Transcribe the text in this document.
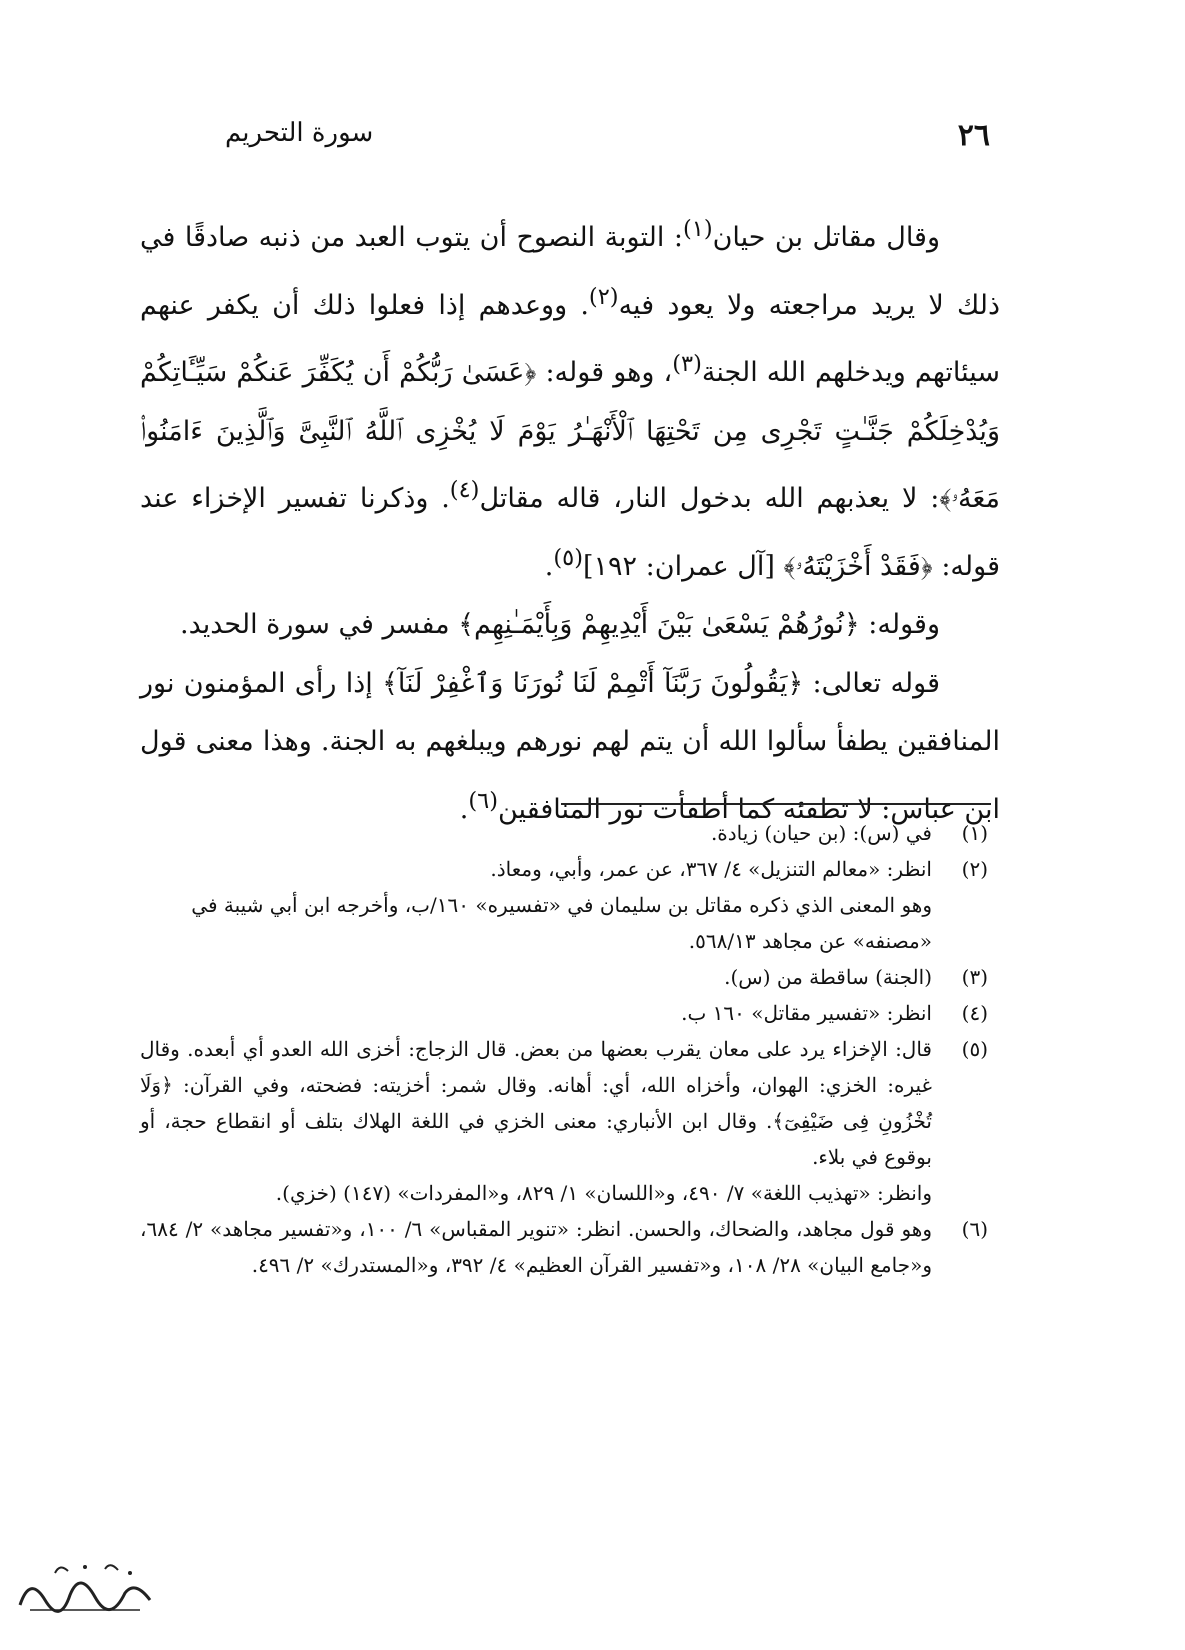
٢٦
سورة التحريم

وقال مقاتل بن حيان$^{(١)}$: التوبة النصوح أن يتوب العبد من ذنبه صادقًا في ذلك لا يريد مراجعته ولا يعود فيه$^{(٢)}$. ووعدهم إذا فعلوا ذلك أن يكفر عنهم سيئاتهم ويدخلهم الله الجنة$^{(٣)}$، وهو قوله: ﴿عَسَىٰ رَبُّكُمْ أَن يُكَفِّرَ عَنكُمْ سَيِّـَٔاتِكُمْ وَيُدْخِلَكُمْ جَنَّـٰتٍ تَجْرِى مِن تَحْتِهَا ٱلْأَنْهَـٰرُ يَوْمَ لَا يُخْزِى ٱللَّهُ ٱلنَّبِىَّ وَٱلَّذِينَ ءَامَنُوا۟ مَعَهُۥ﴾: لا يعذبهم الله بدخول النار، قاله مقاتل$^{(٤)}$. وذكرنا تفسير الإخزاء عند قوله: ﴿فَقَدْ أَخْزَيْتَهُۥ﴾ [آل عمران: ١٩٢]$^{(٥)}$.

وقوله: ﴿نُورُهُمْ يَسْعَىٰ بَيْنَ أَيْدِيهِمْ وَبِأَيْمَـٰنِهِم﴾ مفسر في سورة الحديد.

قوله تعالى: ﴿يَقُولُونَ رَبَّنَآ أَتْمِمْ لَنَا نُورَنَا وَٱغْفِرْ لَنَآ﴾ إذا رأى المؤمنون نور المنافقين يطفأ سألوا الله أن يتم لهم نورهم ويبلغهم به الجنة. وهذا معنى قول ابن عباس: لا تطفئه كما أطفأت نور المنافقين$^{(٦)}$.

(١)
في (س): (بن حيان) زيادة.
(٢)
انظر: «معالم التنزيل» ٤/ ٣٦٧، عن عمر، وأبي، ومعاذ.
وهو المعنى الذي ذكره مقاتل بن سليمان في «تفسيره» ١٦٠/ب، وأخرجه ابن أبي شيبة في «مصنفه» عن مجاهد ٥٦٨/١٣.
(٣)
(الجنة) ساقطة من (س).
(٤)
انظر: «تفسير مقاتل» ١٦٠ ب.
(٥)
قال: الإخزاء يرد على معان يقرب بعضها من بعض. قال الزجاج: أخزى الله العدو أي أبعده. وقال غيره: الخزي: الهوان، وأخزاه الله، أي: أهانه. وقال شمر: أخزيته: فضحته، وفي القرآن: ﴿وَلَا تُخْزُونِ فِى ضَيْفِىٓ﴾. وقال ابن الأنباري: معنى الخزي في اللغة الهلاك بتلف أو انقطاع حجة، أو بوقوع في بلاء.
وانظر: «تهذيب اللغة» ٧/ ٤٩٠، و«اللسان» ١/ ٨٢٩، و«المفردات» (١٤٧) (خزي).
(٦)
وهو قول مجاهد، والضحاك، والحسن. انظر: «تنوير المقباس» ٦/ ١٠٠، و«تفسير مجاهد» ٢/ ٦٨٤، و«جامع البيان» ٢٨/ ١٠٨، و«تفسير القرآن العظيم» ٤/ ٣٩٢، و«المستدرك» ٢/ ٤٩٦.
